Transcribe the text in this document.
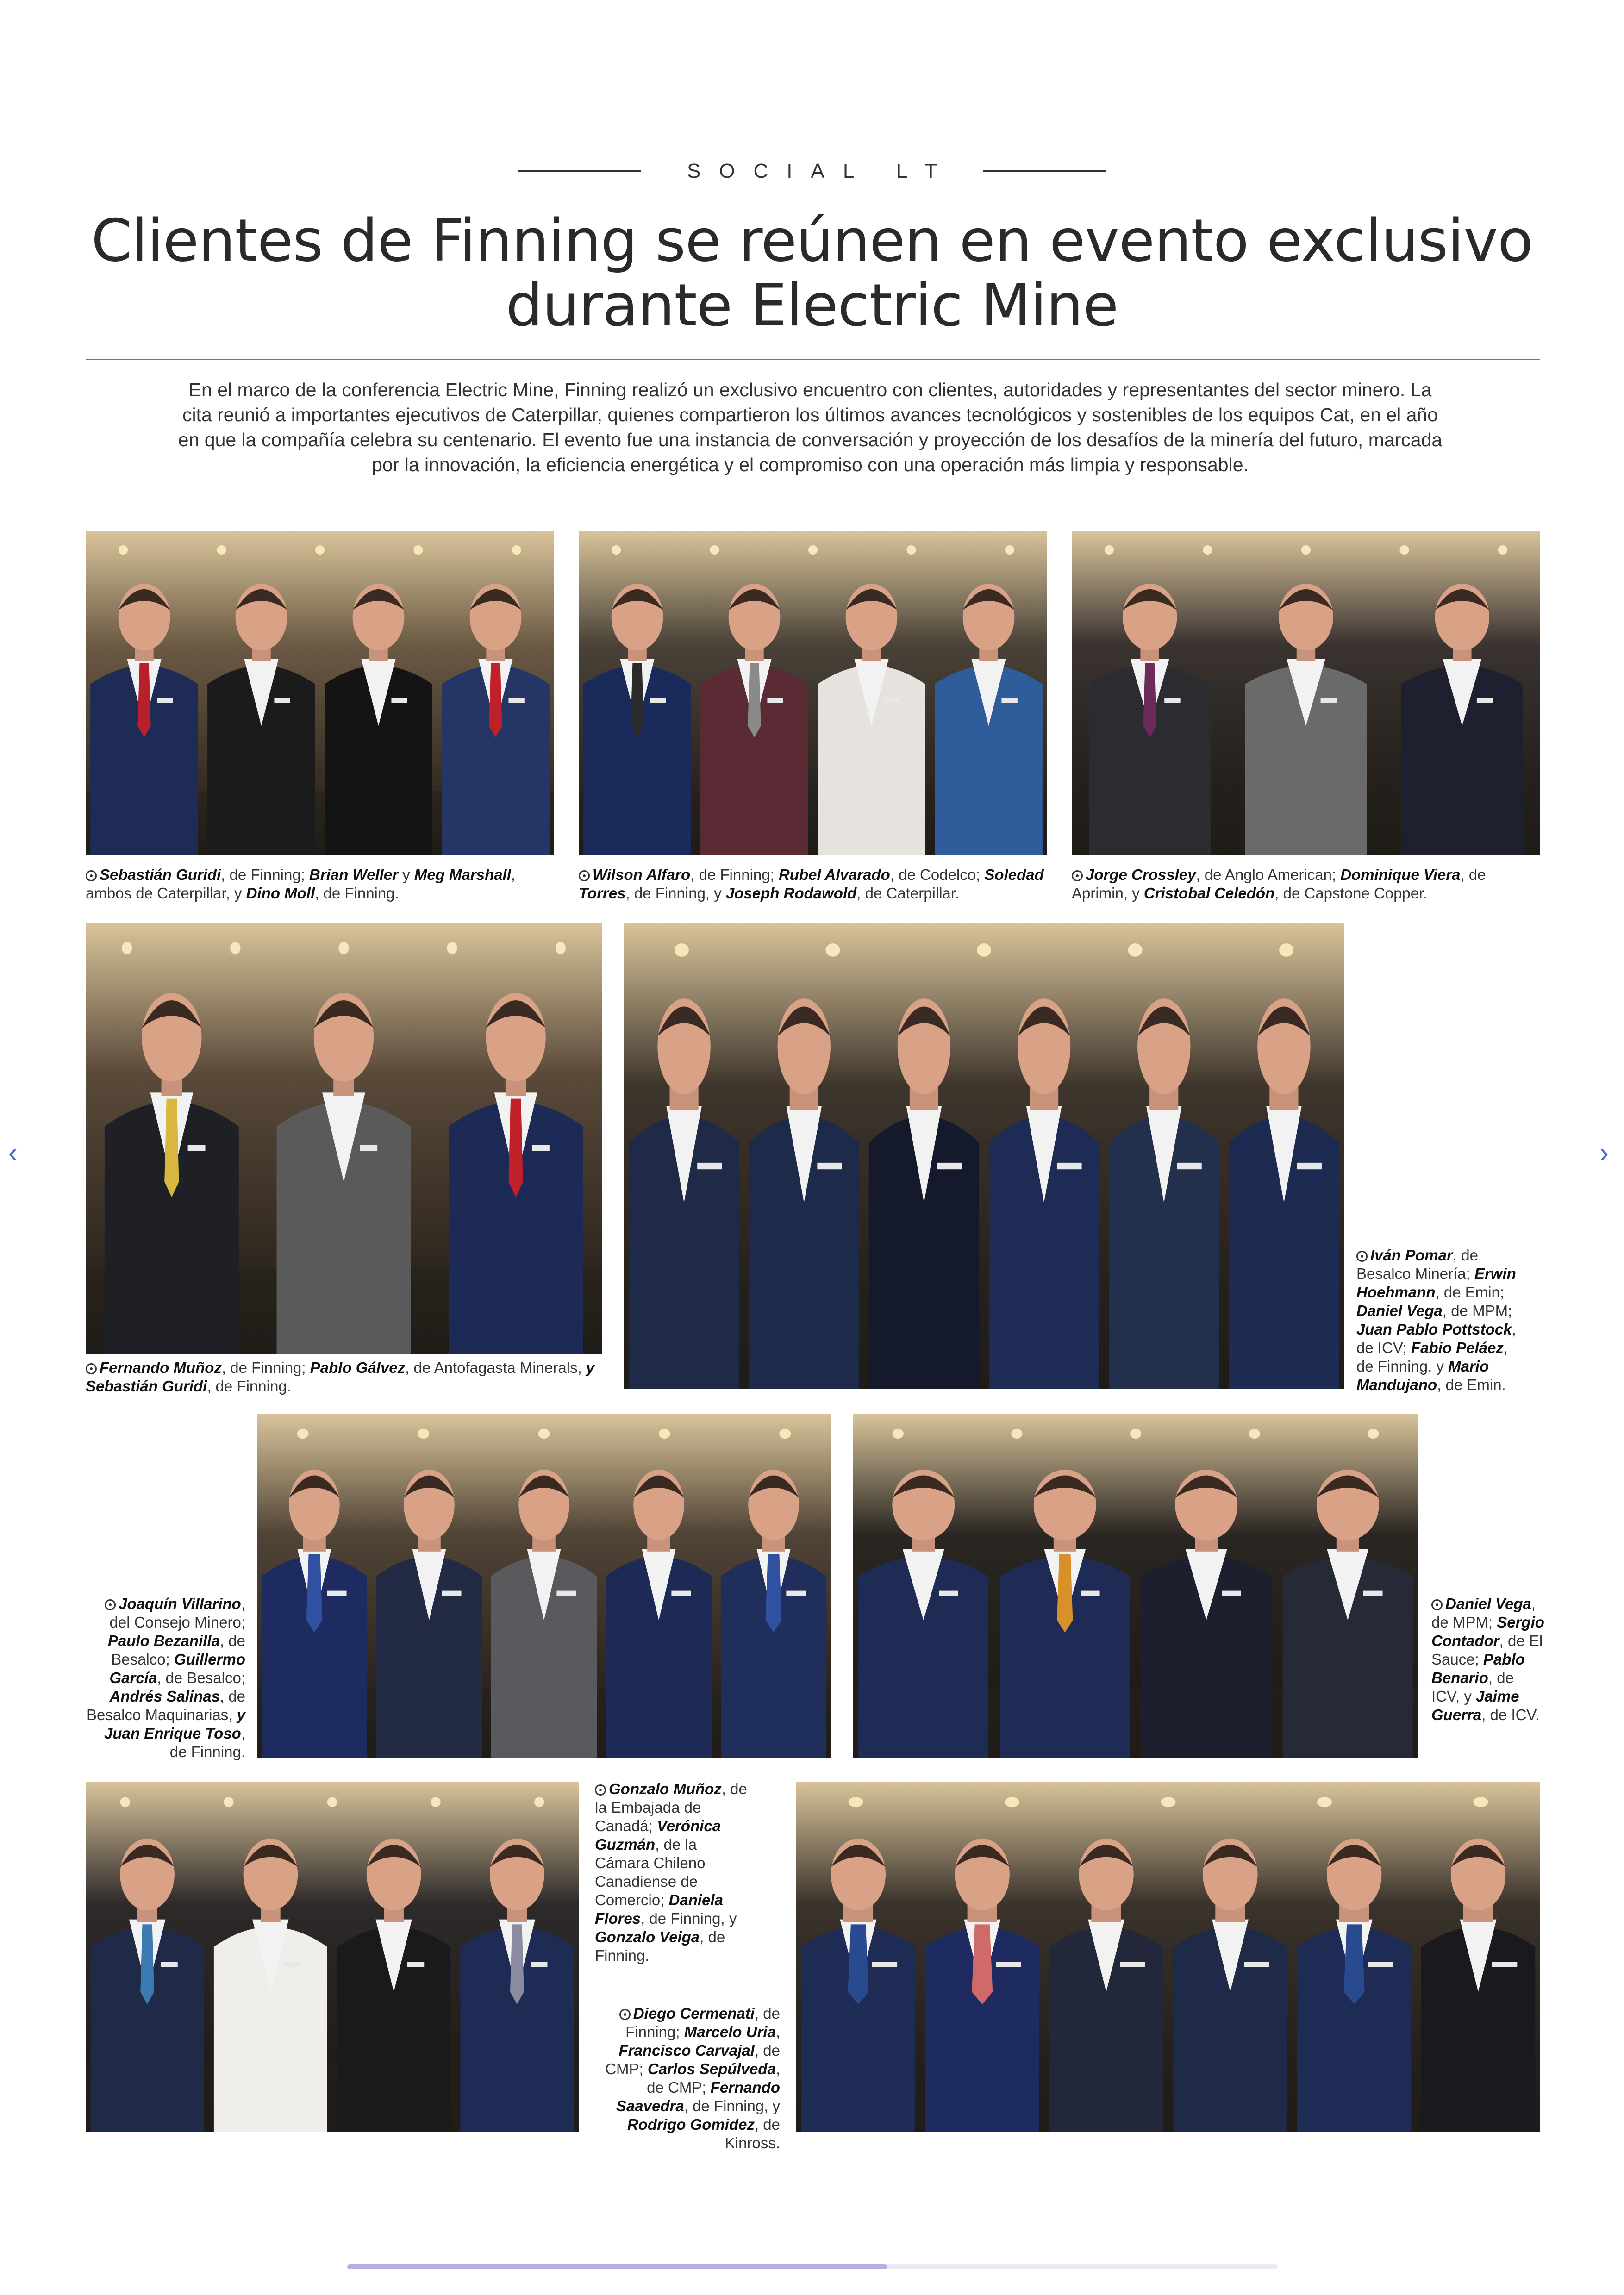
SOCIAL LT
Clientes de Finning se reúnen en evento exclusivo durante Electric Mine

En el marco de la conferencia Electric Mine, Finning realizó un exclusivo encuentro con clientes, autoridades y representantes del sector minero. La cita reunió a importantes ejecutivos de Caterpillar, quienes compartieron los últimos avances tecnológicos y sostenibles de los equipos Cat, en el año en que la compañía celebra su centenario. El evento fue una instancia de conversación y proyección de los desafíos de la minería del futuro, marcada por la innovación, la eficiencia energética y el compromiso con una operación más limpia y responsable.

Sebastián Guridi, de Finning; Brian Weller y Meg Marshall, ambos de Caterpillar, y Dino Moll, de Finning.
Wilson Alfaro, de Finning; Rubel Alvarado, de Codelco; Soledad Torres, de Finning, y Joseph Rodawold, de Caterpillar.
Jorge Crossley, de Anglo American; Dominique Viera, de Aprimin, y Cristobal Celedón, de Capstone Copper.
Fernando Muñoz, de Finning; Pablo Gálvez, de Antofagasta Minerals, y Sebastián Guridi, de Finning.
Iván Pomar, de Besalco Minería; Erwin Hoehmann, de Emin; Daniel Vega, de MPM; Juan Pablo Pottstock, de ICV; Fabio Peláez, de Finning, y Mario Mandujano, de Emin.
Joaquín Villarino, del Consejo Minero; Paulo Bezanilla, de Besalco; Guillermo García, de Besalco; Andrés Salinas, de Besalco Maquinarias, y Juan Enrique Toso, de Finning.
Daniel Vega, de MPM; Sergio Contador, de El Sauce; Pablo Benario, de ICV, y Jaime Guerra, de ICV.
Gonzalo Muñoz, de la Embajada de Canadá; Verónica Guzmán, de la Cámara Chileno Canadiense de Comercio; Daniela Flores, de Finning, y Gonzalo Veiga, de Finning.
Diego Cermenati, de Finning; Marcelo Uria, Francisco Carvajal, de CMP; Carlos Sepúlveda, de CMP; Fernando Saavedra, de Finning, y Rodrigo Gomidez, de Kinross.
‹	›
